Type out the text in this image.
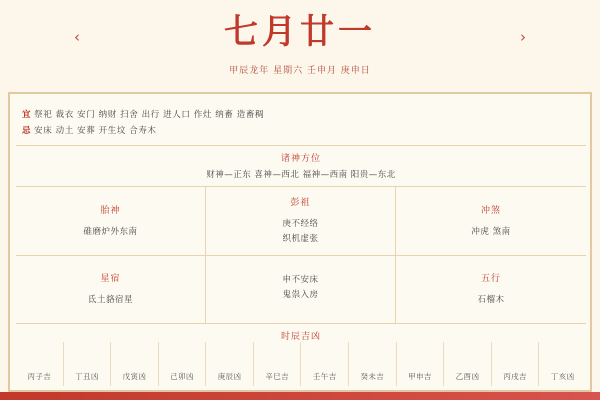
‹	›
七月廿一
甲辰龙年 星期六 壬申月 庚申日
宜 祭祀 裁衣 安门 纳财 扫舍 出行 进人口 作灶 纳畜 造畜稠
忌 安床 动土 安葬 开生坟 合寿木
诸神方位
财神—正东 喜神—西北 福神—西南 阳贵—东北
胎神
碓磨炉外东南
彭祖
庚不经络
织机虚张
冲煞
冲虎 煞南
星宿
氐土貉宿星
申不安床
鬼祟入房
五行
石榴木
时辰吉凶
丙子吉	丁丑凶	戊寅凶	己卯凶	庚辰凶	辛巳吉	壬午吉	癸未吉	甲申吉	乙酉凶	丙戌吉	丁亥凶
